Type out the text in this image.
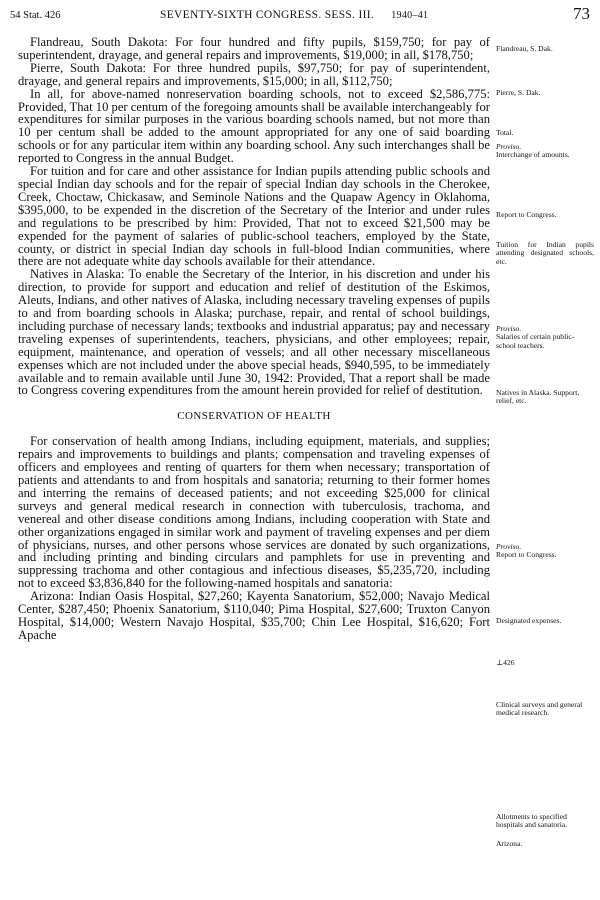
54 Stat. 426	SEVENTY-SIXTH CONGRESS. SESS. III. 1940–41	73

Flandreau, South Dakota: For four hundred and fifty pupils, $159,750; for pay of superintendent, drayage, and general repairs and improvements, $19,000; in all, $178,750;

Pierre, South Dakota: For three hundred pupils, $97,750; for pay of superintendent, drayage, and general repairs and improvements, $15,000; in all, $112,750;

In all, for above-named nonreservation boarding schools, not to exceed $2,586,775: Provided, That 10 per centum of the foregoing amounts shall be available interchangeably for expenditures for similar purposes in the various boarding schools named, but not more than 10 per centum shall be added to the amount appropriated for any one of said boarding schools or for any particular item within any boarding school. Any such interchanges shall be reported to Congress in the annual Budget.

For tuition and for care and other assistance for Indian pupils attending public schools and special Indian day schools and for the repair of special Indian day schools in the Cherokee, Creek, Choctaw, Chickasaw, and Seminole Nations and the Quapaw Agency in Oklahoma, $395,000, to be expended in the discretion of the Secretary of the Interior and under rules and regulations to be prescribed by him: Provided, That not to exceed $21,500 may be expended for the payment of salaries of public-school teachers, employed by the State, county, or district in special Indian day schools in full-blood Indian communities, where there are not adequate white day schools available for their attendance.

Natives in Alaska: To enable the Secretary of the Interior, in his discretion and under his direction, to provide for support and education and relief of destitution of the Eskimos, Aleuts, Indians, and other natives of Alaska, including necessary traveling expenses of pupils to and from boarding schools in Alaska; purchase, repair, and rental of school buildings, including purchase of necessary lands; textbooks and industrial apparatus; pay and necessary traveling expenses of superintendents, teachers, physicians, and other employees; repair, equipment, maintenance, and operation of vessels; and all other necessary miscellaneous expenses which are not included under the above special heads, $940,595, to be immediately available and to remain available until June 30, 1942: Provided, That a report shall be made to Congress covering expenditures from the amount herein provided for relief of destitution.

CONSERVATION OF HEALTH

For conservation of health among Indians, including equipment, materials, and supplies; repairs and improvements to buildings and plants; compensation and traveling expenses of officers and employees and renting of quarters for them when necessary; transportation of patients and attendants to and from hospitals and sanatoria; returning to their former homes and interring the remains of deceased patients; and not exceeding $25,000 for clinical surveys and general medical research in connection with tuberculosis, trachoma, and venereal and other disease conditions among Indians, including cooperation with State and other organizations engaged in similar work and payment of traveling expenses and per diem of physicians, nurses, and other persons whose services are donated by such organizations, and including printing and binding circulars and pamphlets for use in preventing and suppressing trachoma and other contagious and infectious diseases, $5,235,720, including not to exceed $3,836,840 for the following-named hospitals and sanatoria:

Arizona: Indian Oasis Hospital, $27,260; Kayenta Sanatorium, $52,000; Navajo Medical Center, $287,450; Phoenix Sanatorium, $110,040; Pima Hospital, $27,600; Truxton Canyon Hospital, $14,000; Western Navajo Hospital, $35,700; Chin Lee Hospital, $16,620; Fort Apache

Flandreau, S. Dak.
Pierre, S. Dak.
Total.
Proviso.
Interchange of amounts.
Report to Congress.
Tuition for Indian pupils attending designated schools, etc.
Proviso.
Salaries of certain public-school teachers.
Natives in Alaska. Support, relief, etc.
Proviso.
Report to Congress.
Designated expenses.
⊥426
Clinical surveys and general medical research.
Allotments to specified hospitals and sanatoria.
Arizona.
